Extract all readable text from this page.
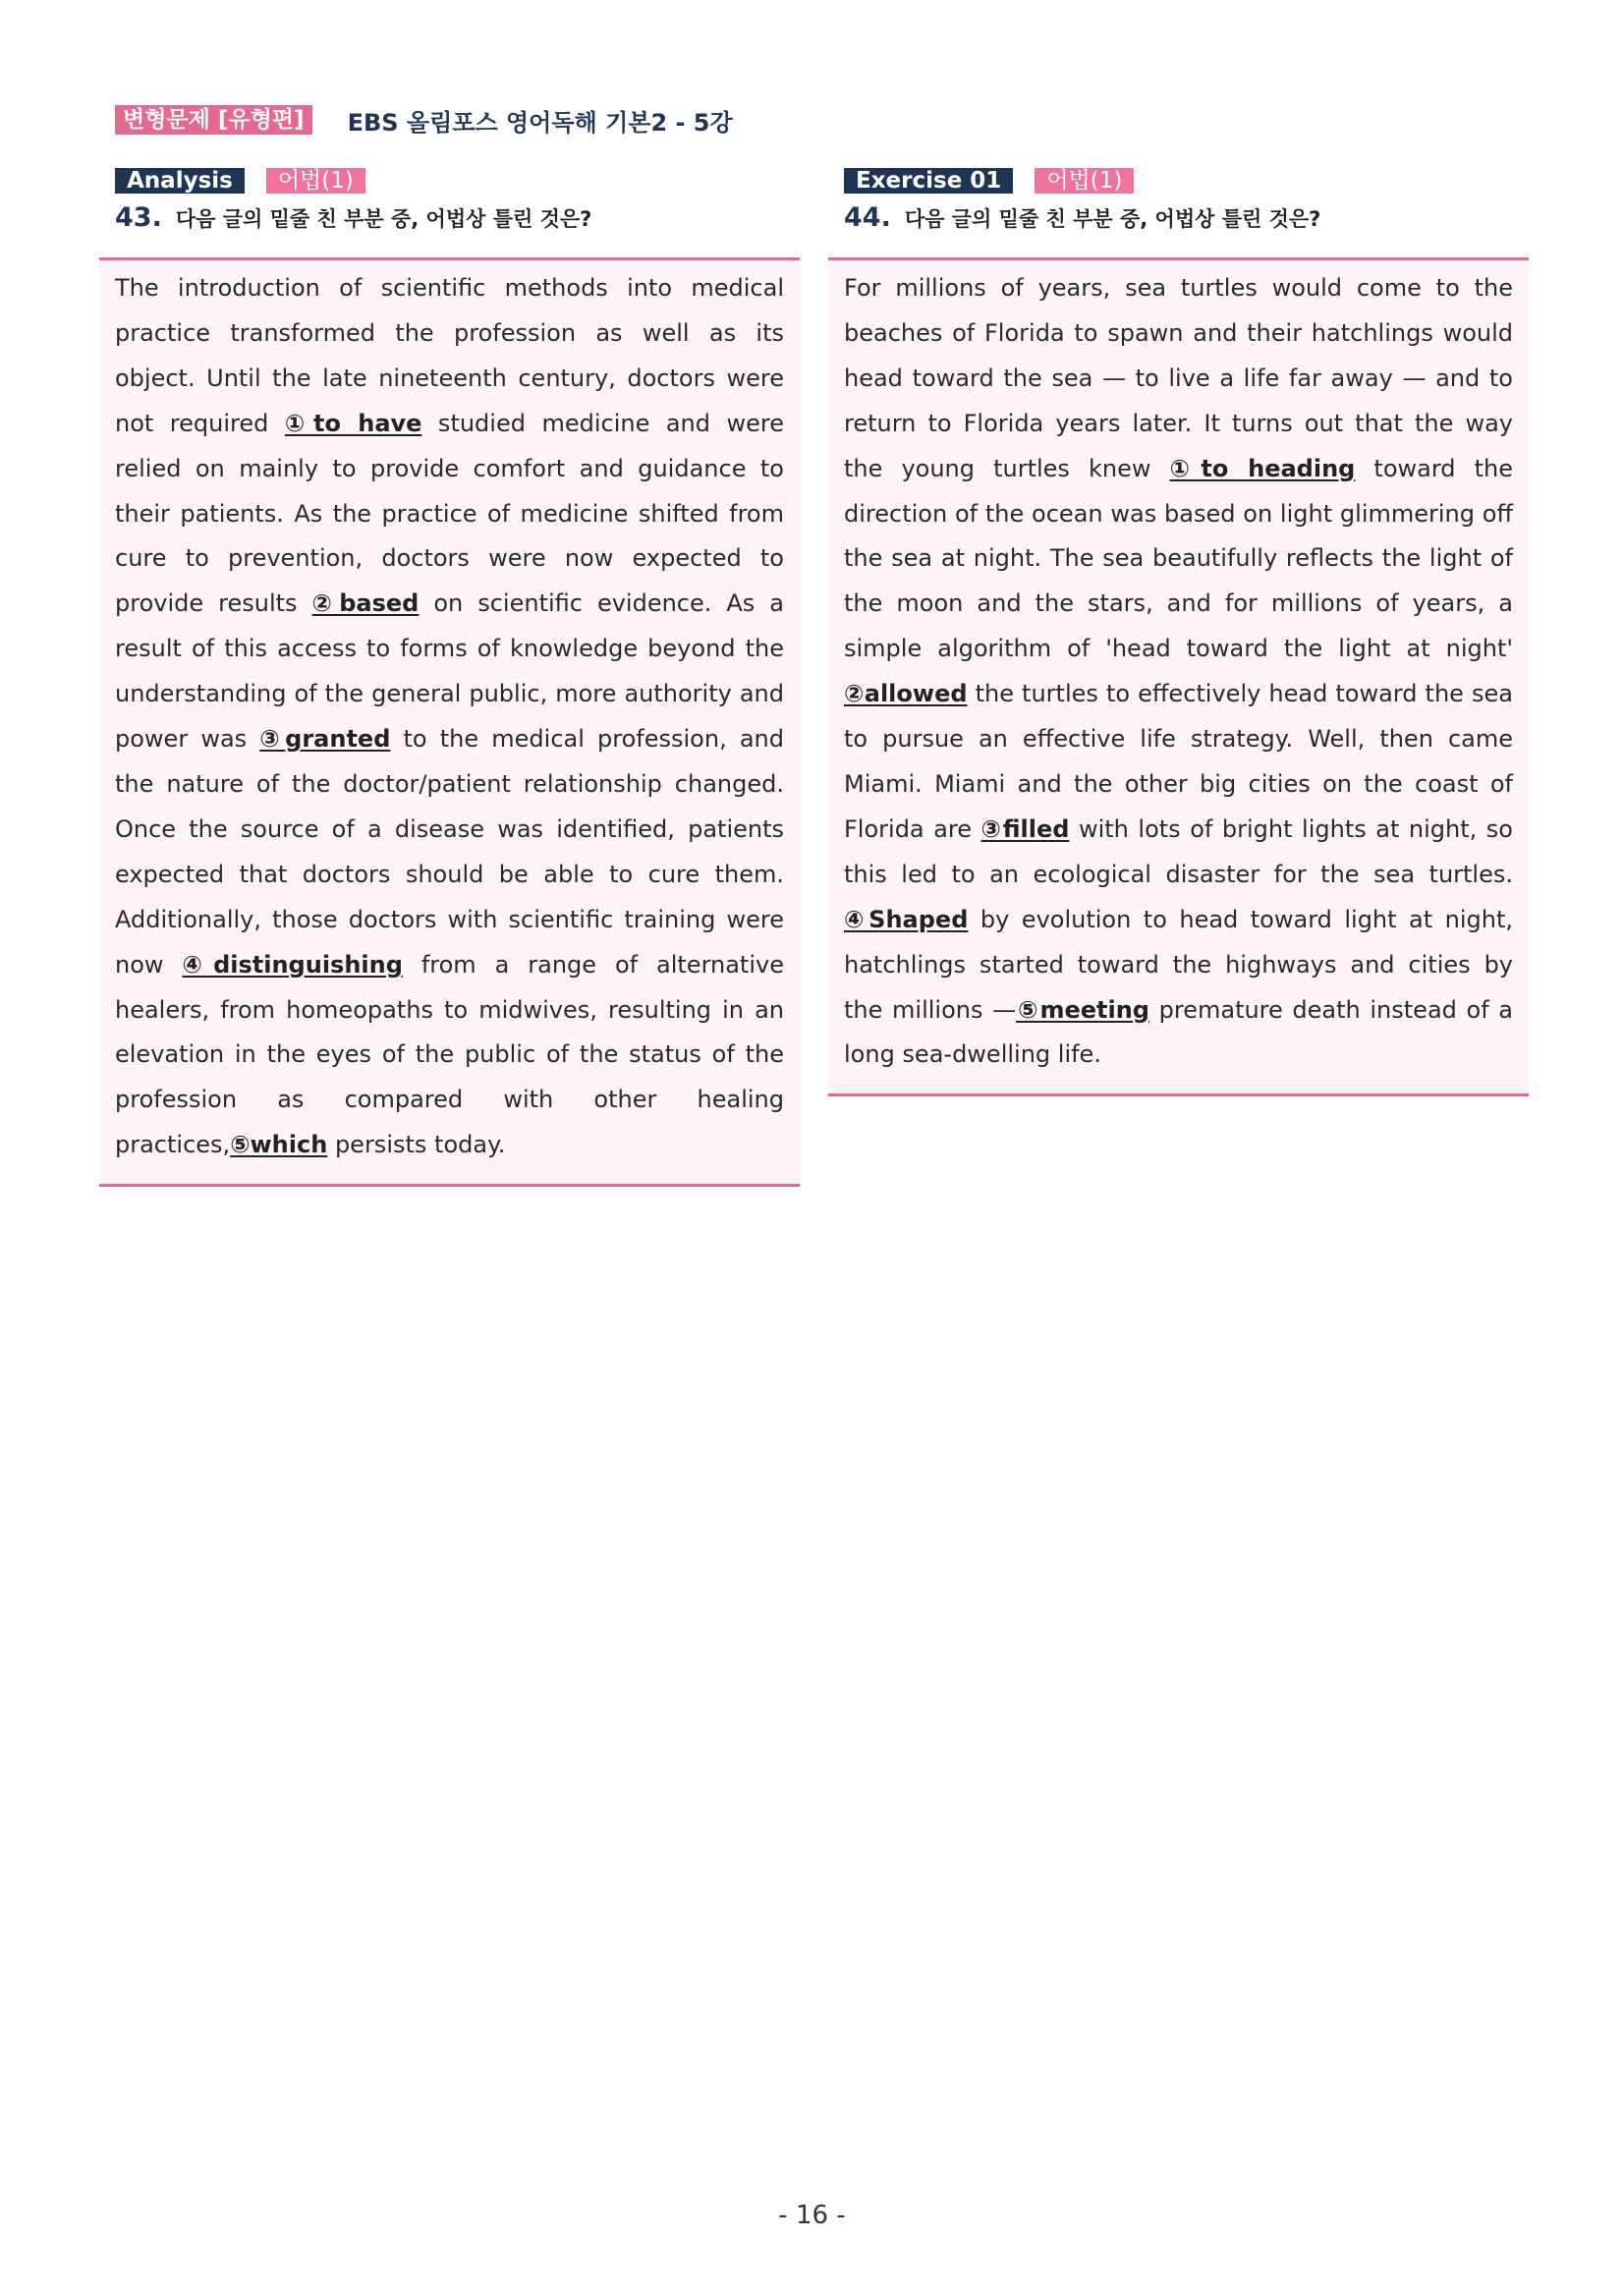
변형문제 [유형편]	EBS 올림포스 영어독해 기본2 - 5강
Analysis	어법(1)
43. 다음 글의 밑줄 친 부분 중, 어법상 틀린 것은?
The introduction of scientific methods into medical practice transformed the profession as well as its object. Until the late nineteenth century, doctors were not required ①to have studied medicine and were relied on mainly to provide comfort and guidance to their patients. As the practice of medicine shifted from cure to prevention, doctors were now expected to provide results ②based on scientific evidence. As a result of this access to forms of knowledge beyond the understanding of the general public, more authority and power was ③granted to the medical profession, and the nature of the doctor/patient relationship changed. Once the source of a disease was identified, patients expected that doctors should be able to cure them. Additionally, those doctors with scientific training were now ④distinguishing from a range of alternative healers, from homeopaths to midwives, resulting in an elevation in the eyes of the public of the status of the profession as compared with other healing practices,⑤which persists today.
Exercise 01	어법(1)
44. 다음 글의 밑줄 친 부분 중, 어법상 틀린 것은?
For millions of years, sea turtles would come to the beaches of Florida to spawn and their hatchlings would head toward the sea — to live a life far away — and to return to Florida years later. It turns out that the way the young turtles knew ①to heading toward the direction of the ocean was based on light glimmering off the sea at night. The sea beautifully reflects the light of the moon and the stars, and for millions of years, a simple algorithm of 'head toward the light at night' ②allowed the turtles to effectively head toward the sea to pursue an effective life strategy. Well, then came Miami. Miami and the other big cities on the coast of Florida are ③filled with lots of bright lights at night, so this led to an ecological disaster for the sea turtles. ④Shaped by evolution to head toward light at night, hatchlings started toward the highways and cities by the millions —⑤meeting premature death instead of a long sea-dwelling life.
- 16 -
